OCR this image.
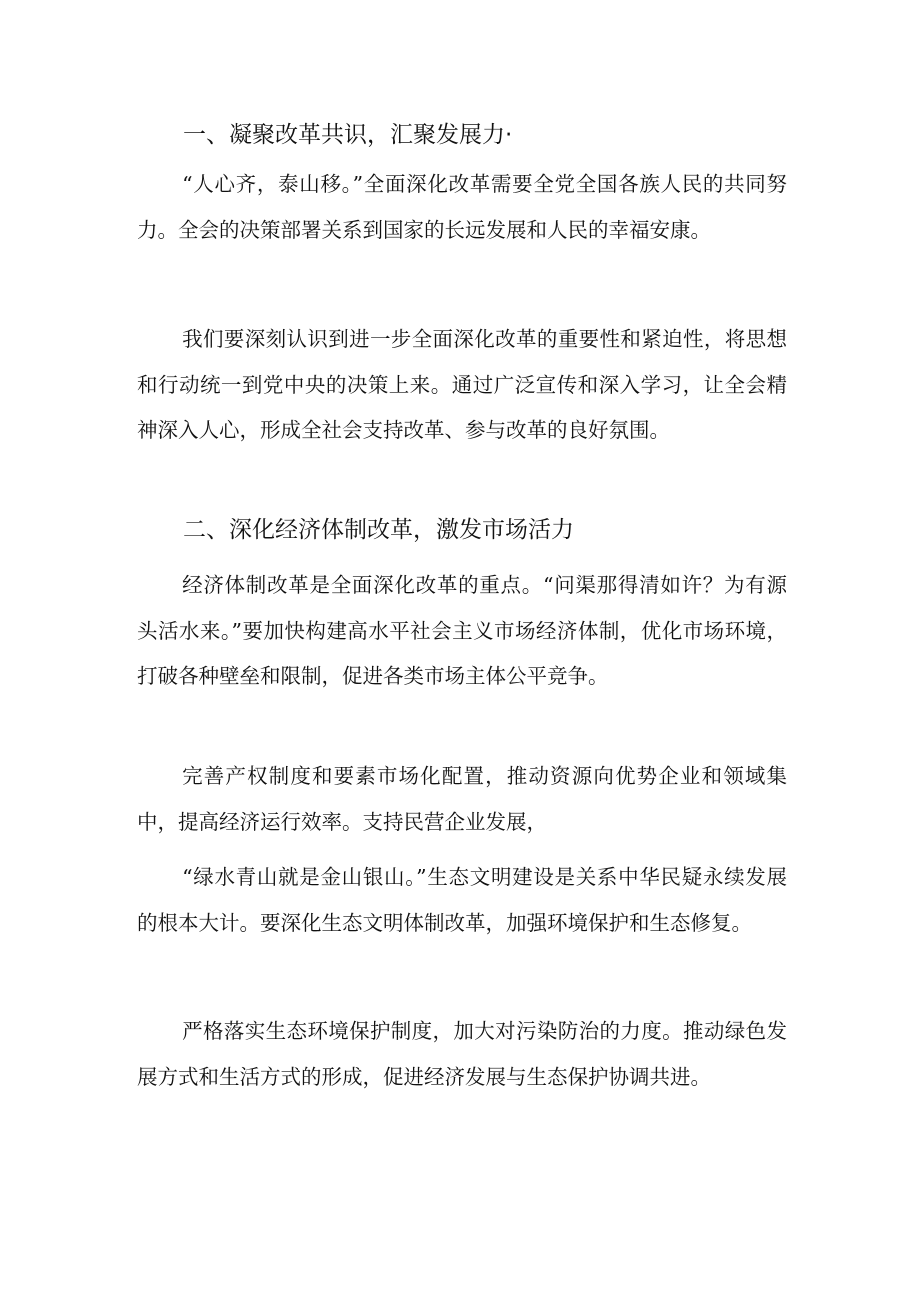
一、凝聚改革共识，汇聚发展力·

“人心齐，泰山移。”全面深化改革需要全党全国各族人民的共同努力。全会的决策部署关系到国家的长远发展和人民的幸福安康。

我们要深刻认识到进一步全面深化改革的重要性和紧迫性，将思想和行动统一到党中央的决策上来。通过广泛宣传和深入学习，让全会精神深入人心，形成全社会支持改革、参与改革的良好氛围。

二、深化经济体制改革，激发市场活力

经济体制改革是全面深化改革的重点。“问渠那得清如许？为有源头活水来。”要加快构建高水平社会主义市场经济体制，优化市场环境，打破各种壁垒和限制，促进各类市场主体公平竞争。

完善产权制度和要素市场化配置，推动资源向优势企业和领域集中，提高经济运行效率。支持民营企业发展，

“绿水青山就是金山银山。”生态文明建设是关系中华民疑永续发展的根本大计。要深化生态文明体制改革，加强环境保护和生态修复。

严格落实生态环境保护制度，加大对污染防治的力度。推动绿色发展方式和生活方式的形成，促进经济发展与生态保护协调共进。
